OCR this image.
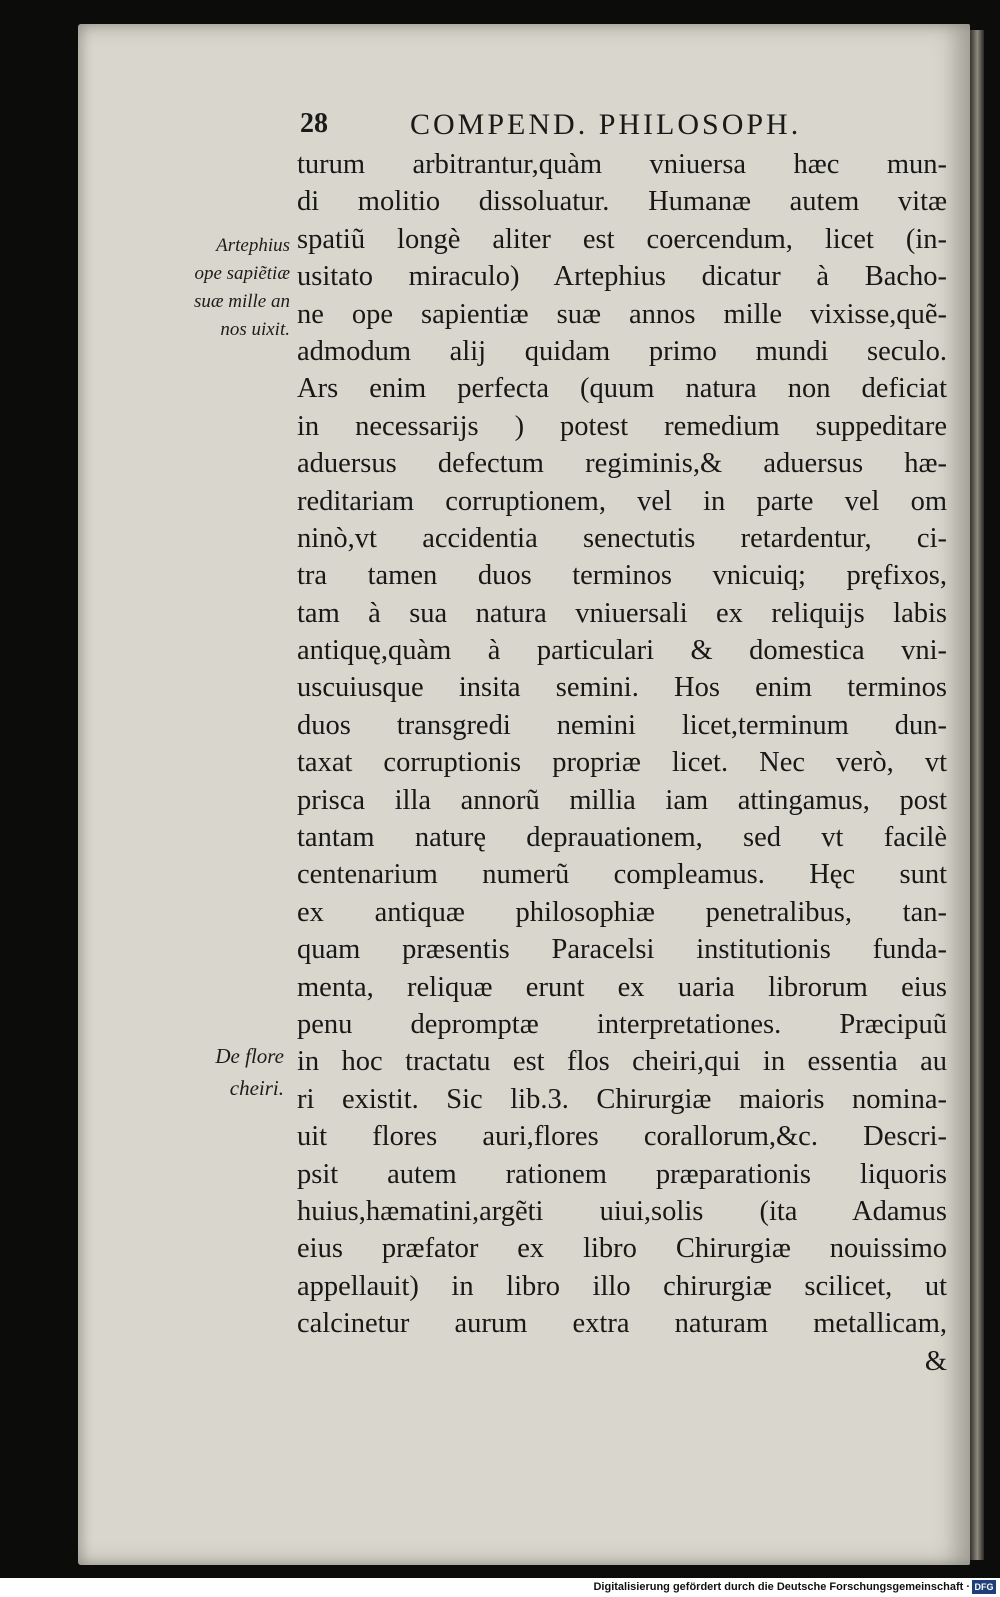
28	COMPEND. PHILOSOPH.
Artephius
ope sapiẽtiæ
suæ mille an
nos uixit.
De flore
cheiri.
turum arbitrantur,quàm vniuersa hæc mun-
di molitio dissoluatur. Humanæ autem vitæ
spatiũ longè aliter est coercendum, licet (in-
usitato miraculo) Artephius dicatur à Bacho-
ne ope sapientiæ suæ annos mille vixisse,quẽ-
admodum alij quidam primo mundi seculo.
Ars enim perfecta (quum natura non deficiat
in necessarijs ) potest remedium suppeditare
aduersus defectum regiminis,& aduersus hæ-
reditariam corruptionem, vel in parte vel om
ninò,vt accidentia senectutis retardentur, ci-
tra tamen duos terminos vnicuiq; pręfixos,
tam à sua natura vniuersali ex reliquijs labis
antiquę,quàm à particulari & domestica vni-
uscuiusque insita semini. Hos enim terminos
duos transgredi nemini licet,terminum dun-
taxat corruptionis propriæ licet. Nec verò, vt
prisca illa annorũ millia iam attingamus, post
tantam naturę deprauationem, sed vt facilè
centenarium numerũ compleamus. Hęc sunt
ex antiquæ philosophiæ penetralibus, tan-
quam præsentis Paracelsi institutionis funda-
menta, reliquæ erunt ex uaria librorum eius
penu depromptæ interpretationes. Præcipuũ
in hoc tractatu est flos cheiri,qui in essentia au
ri existit. Sic lib.3. Chirurgiæ maioris nomina-
uit flores auri,flores corallorum,&c. Descri-
psit autem rationem præparationis liquoris
huius,hæmatini,argẽti uiui,solis (ita Adamus
eius præfator ex libro Chirurgiæ nouissimo
appellauit) in libro illo chirurgiæ scilicet, ut
calcinetur aurum extra naturam metallicam,
&
Digitalisierung gefördert durch die Deutsche Forschungsgemeinschaft · DFG
